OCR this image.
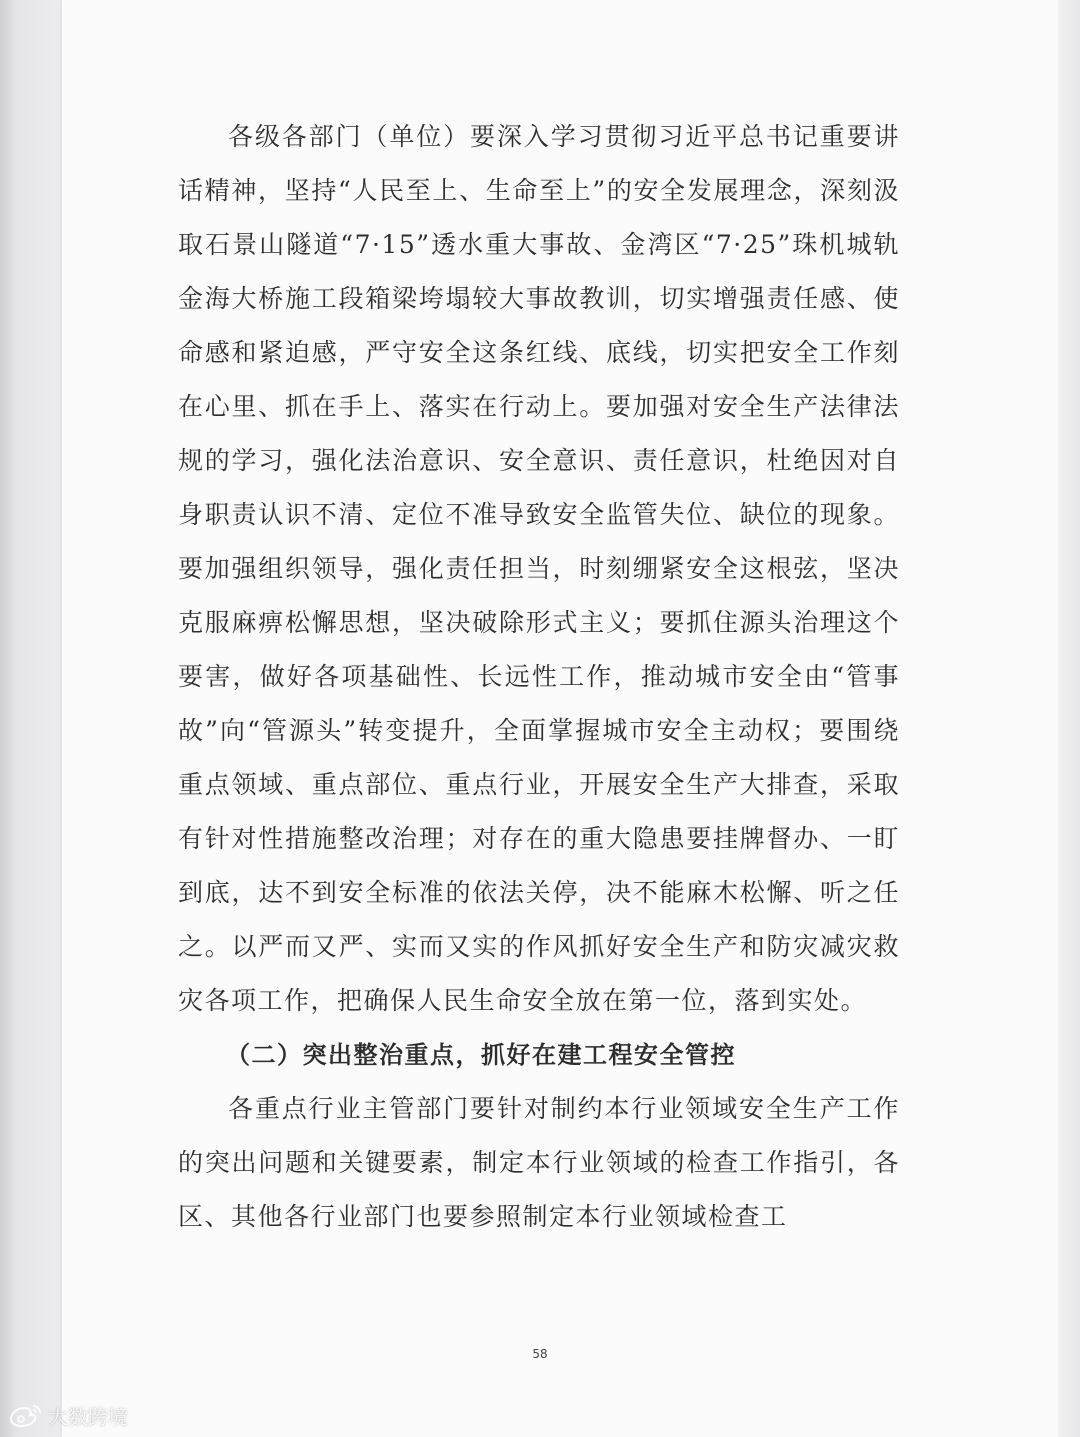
各级各部门（单位）要深入学习贯彻习近平总书记重要讲话精神，坚持“人民至上、生命至上”的安全发展理念，深刻汲取石景山隧道“7·15”透水重大事故、金湾区“7·25”珠机城轨金海大桥施工段箱梁垮塌较大事故教训，切实增强责任感、使命感和紧迫感，严守安全这条红线、底线，切实把安全工作刻在心里、抓在手上、落实在行动上。要加强对安全生产法律法规的学习，强化法治意识、安全意识、责任意识，杜绝因对自身职责认识不清、定位不准导致安全监管失位、缺位的现象。要加强组织领导，强化责任担当，时刻绷紧安全这根弦，坚决克服麻痹松懈思想，坚决破除形式主义；要抓住源头治理这个要害，做好各项基础性、长远性工作，推动城市安全由“管事故”向“管源头”转变提升，全面掌握城市安全主动权；要围绕重点领域、重点部位、重点行业，开展安全生产大排查，采取有针对性措施整改治理；对存在的重大隐患要挂牌督办、一盯到底，达不到安全标准的依法关停，决不能麻木松懈、听之任之。以严而又严、实而又实的作风抓好安全生产和防灾减灾救灾各项工作，把确保人民生命安全放在第一位，落到实处。

（二）突出整治重点，抓好在建工程安全管控

各重点行业主管部门要针对制约本行业领域安全生产工作的突出问题和关键要素，制定本行业领域的检查工作指引，各区、其他各行业部门也要参照制定本行业领域检查工

58
大数跨境
